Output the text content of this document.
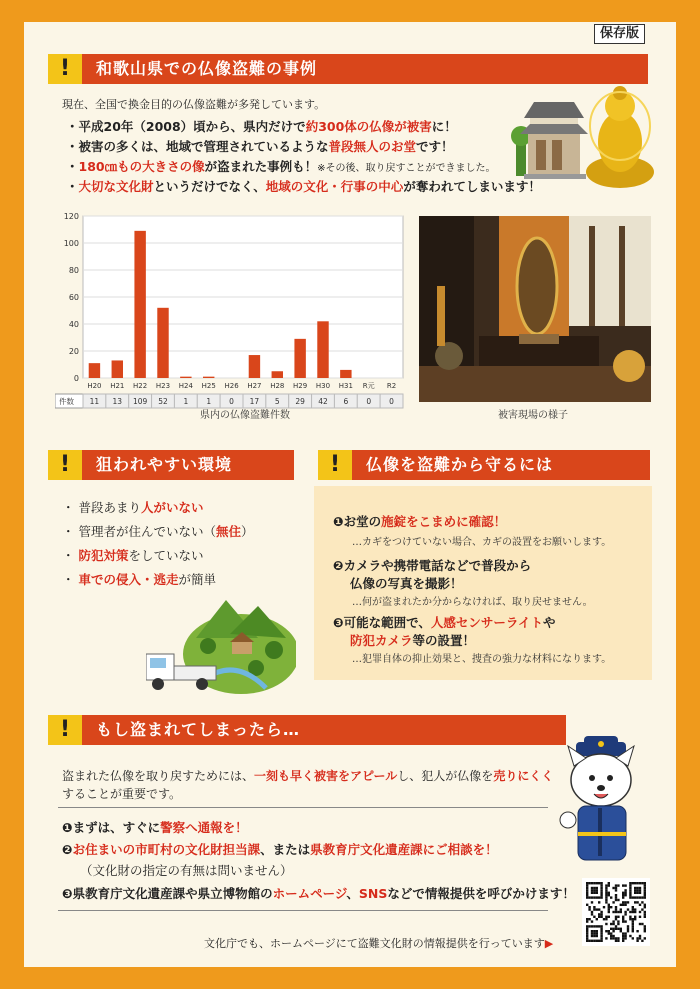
保存版
!	和歌山県での仏像盗難の事例
現在、全国で換金目的の仏像盗難が多発しています。
・平成20年（2008）頃から、県内だけで約300体の仏像が被害に！
・被害の多くは、地域で管理されているような普段無人のお堂です！
・180㎝もの大きさの像が盗まれた事例も！※その後、取り戻すことができました。
・大切な文化財というだけでなく、地域の文化・行事の中心が奪われてしまいます！
0
20
40
60
80
100
120
H20 H21 H22 H23 H24 H25 H26 H27 H28 H29 H30 H31 R元 R2
件数 11 13 109 52 1 1 0 17 5 29 42 6 0 0
県内の仏像盗難件数	被害現場の様子
!	狙われやすい環境
・ 普段あまり人がいない
・ 管理者が住んでいない（無住）
・ 防犯対策をしていない
・ 車での侵入・逃走が簡単
!	仏像を盗難から守るには
❶お堂の施錠をこまめに確認！
…カギをつけていない場合、カギの設置をお願いします。
❷カメラや携帯電話などで普段から
仏像の写真を撮影！
…何が盗まれたか分からなければ、取り戻せません。
❸可能な範囲で、人感センサーライトや
防犯カメラ等の設置！
…犯罪自体の抑止効果と、捜査の強力な材料になります。
!	もし盗まれてしまったら…
盗まれた仏像を取り戻すためには、一刻も早く被害をアピールし、犯人が仏像を売りにくく
することが重要です。
❶まずは、すぐに警察へ通報を！
❷お住まいの市町村の文化財担当課、または県教育庁文化遺産課にご相談を！
（文化財の指定の有無は問いません）
❸県教育庁文化遺産課や県立博物館のホームページ、SNSなどで情報提供を呼びかけます！
文化庁でも、ホームページにて盗難文化財の情報提供を行っています▶
